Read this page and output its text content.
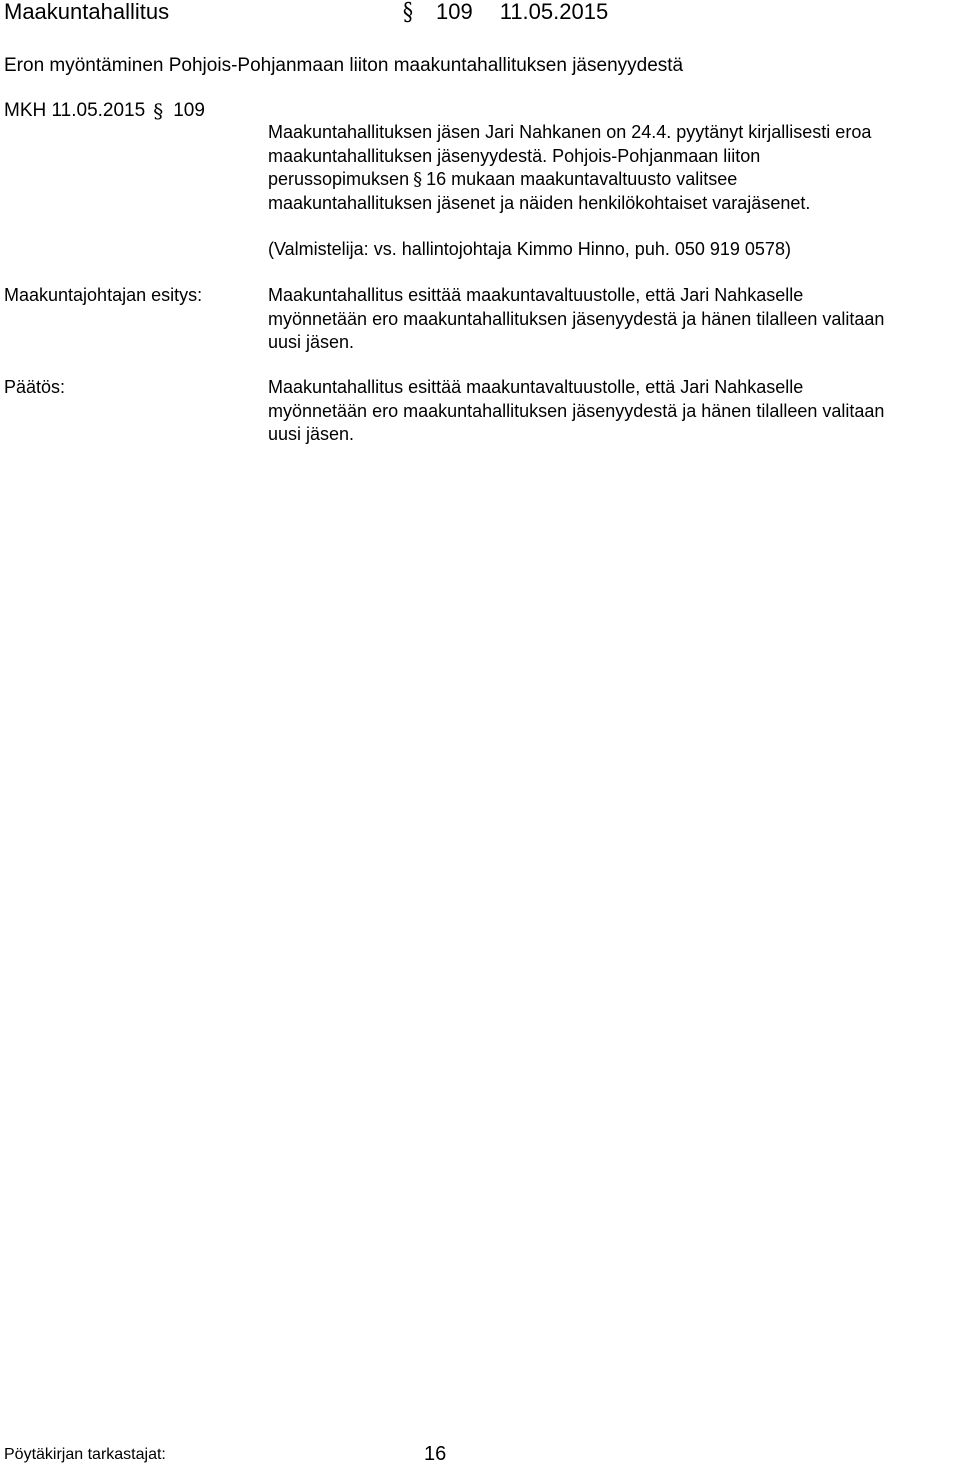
Maakuntahallitus	§ 109 11.05.2015
Eron myöntäminen Pohjois-Pohjanmaan liiton maakuntahallituksen jäsenyydestä
MKH 11.05.2015 § 109
Maakuntahallituksen jäsen Jari Nahkanen on 24.4. pyytänyt kirjallisesti eroa
maakuntahallituksen jäsenyydestä. Pohjois-Pohjanmaan liiton
perussopimuksen § 16 mukaan maakuntavaltuusto valitsee
maakuntahallituksen jäsenet ja näiden henkilökohtaiset varajäsenet.
(Valmistelija: vs. hallintojohtaja Kimmo Hinno, puh. 050 919 0578)
Maakuntajohtajan esitys:	Maakuntahallitus esittää maakuntavaltuustolle, että Jari Nahkaselle
myönnetään ero maakuntahallituksen jäsenyydestä ja hänen tilalleen valitaan
uusi jäsen.
Päätös:	Maakuntahallitus esittää maakuntavaltuustolle, että Jari Nahkaselle
myönnetään ero maakuntahallituksen jäsenyydestä ja hänen tilalleen valitaan
uusi jäsen.
Pöytäkirjan tarkastajat:	16
